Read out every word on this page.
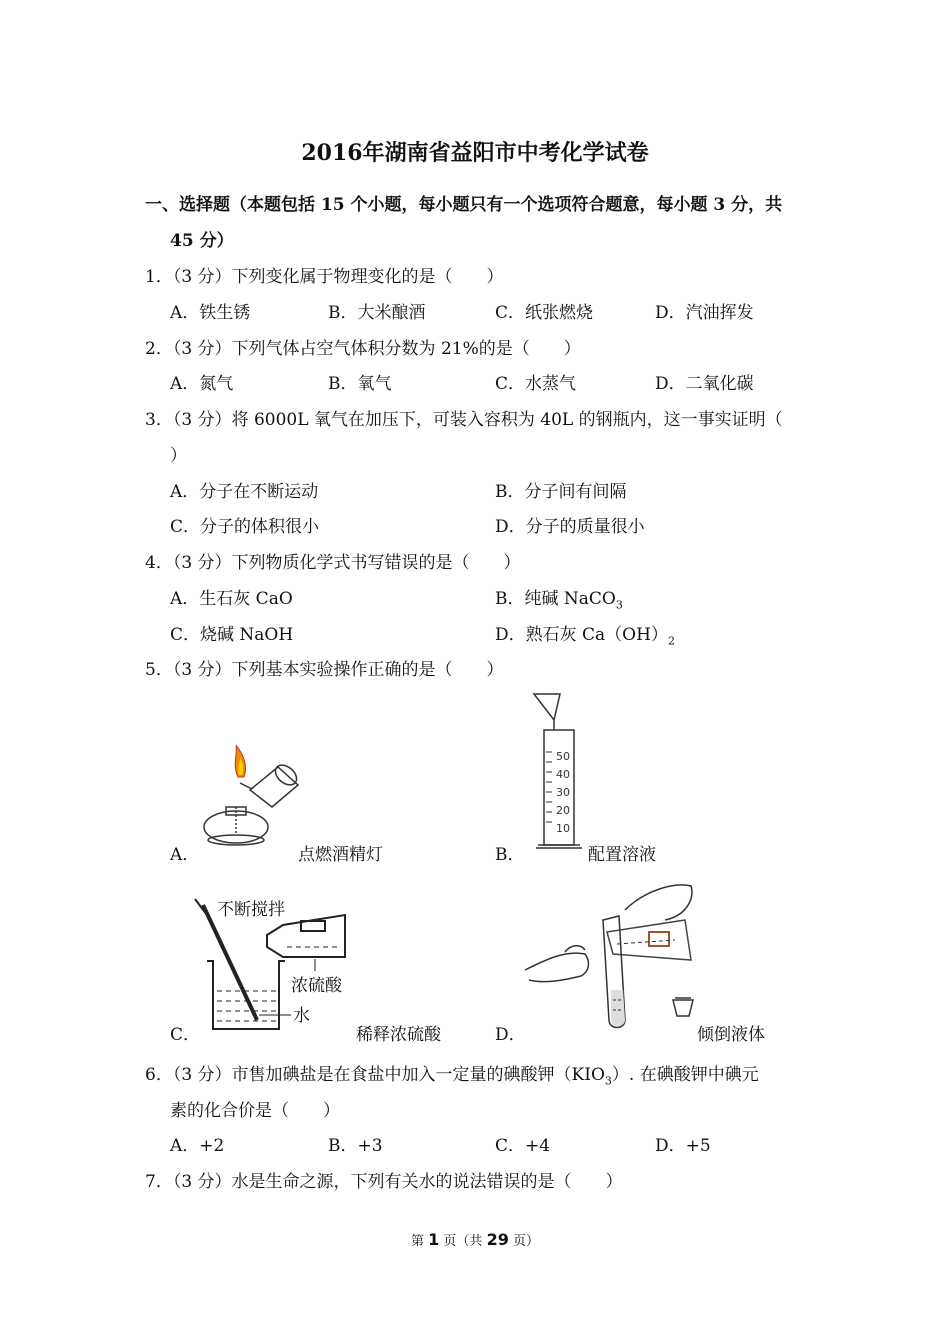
2016年湖南省益阳市中考化学试卷
一、选择题（本题包括 15 个小题，每小题只有一个选项符合题意，每小题 3 分，共
45 分）
1．（3 分）下列变化属于物理变化的是（　　）
A．铁生锈	B．大米酿酒	C．纸张燃烧	D．汽油挥发
2．（3 分）下列气体占空气体积分数为 21%的是（　　）
A．氮气	B．氧气	C．水蒸气	D．二氧化碳
3．（3 分）将 6000L 氧气在加压下，可装入容积为 40L 的钢瓶内，这一事实证明（
）
A．分子在不断运动	B．分子间有间隔
C．分子的体积很小	D．分子的质量很小
4．（3 分）下列物质化学式书写错误的是（　　）
A．生石灰 CaO	B．纯碱 NaCO$_3$
C．烧碱 NaOH	D．熟石灰 $Ca(OH)_2$
5．（3 分）下列基本实验操作正确的是（　　）
A．	点燃酒精灯	B．
50
40
30
20
10
配置溶液
C．
不断搅拌
浓硫酸
水
稀释浓硫酸	D．	倾倒液体
6．（3 分）市售加碘盐是在食盐中加入一定量的碘酸钾$(KIO_3)$. 在碘酸钾中碘元
素的化合价是（　　）
A．+2	B．+3	C．+4	D．+5
7．（3 分）水是生命之源，下列有关水的说法错误的是（　　）
第 1 页（共 29 页）
